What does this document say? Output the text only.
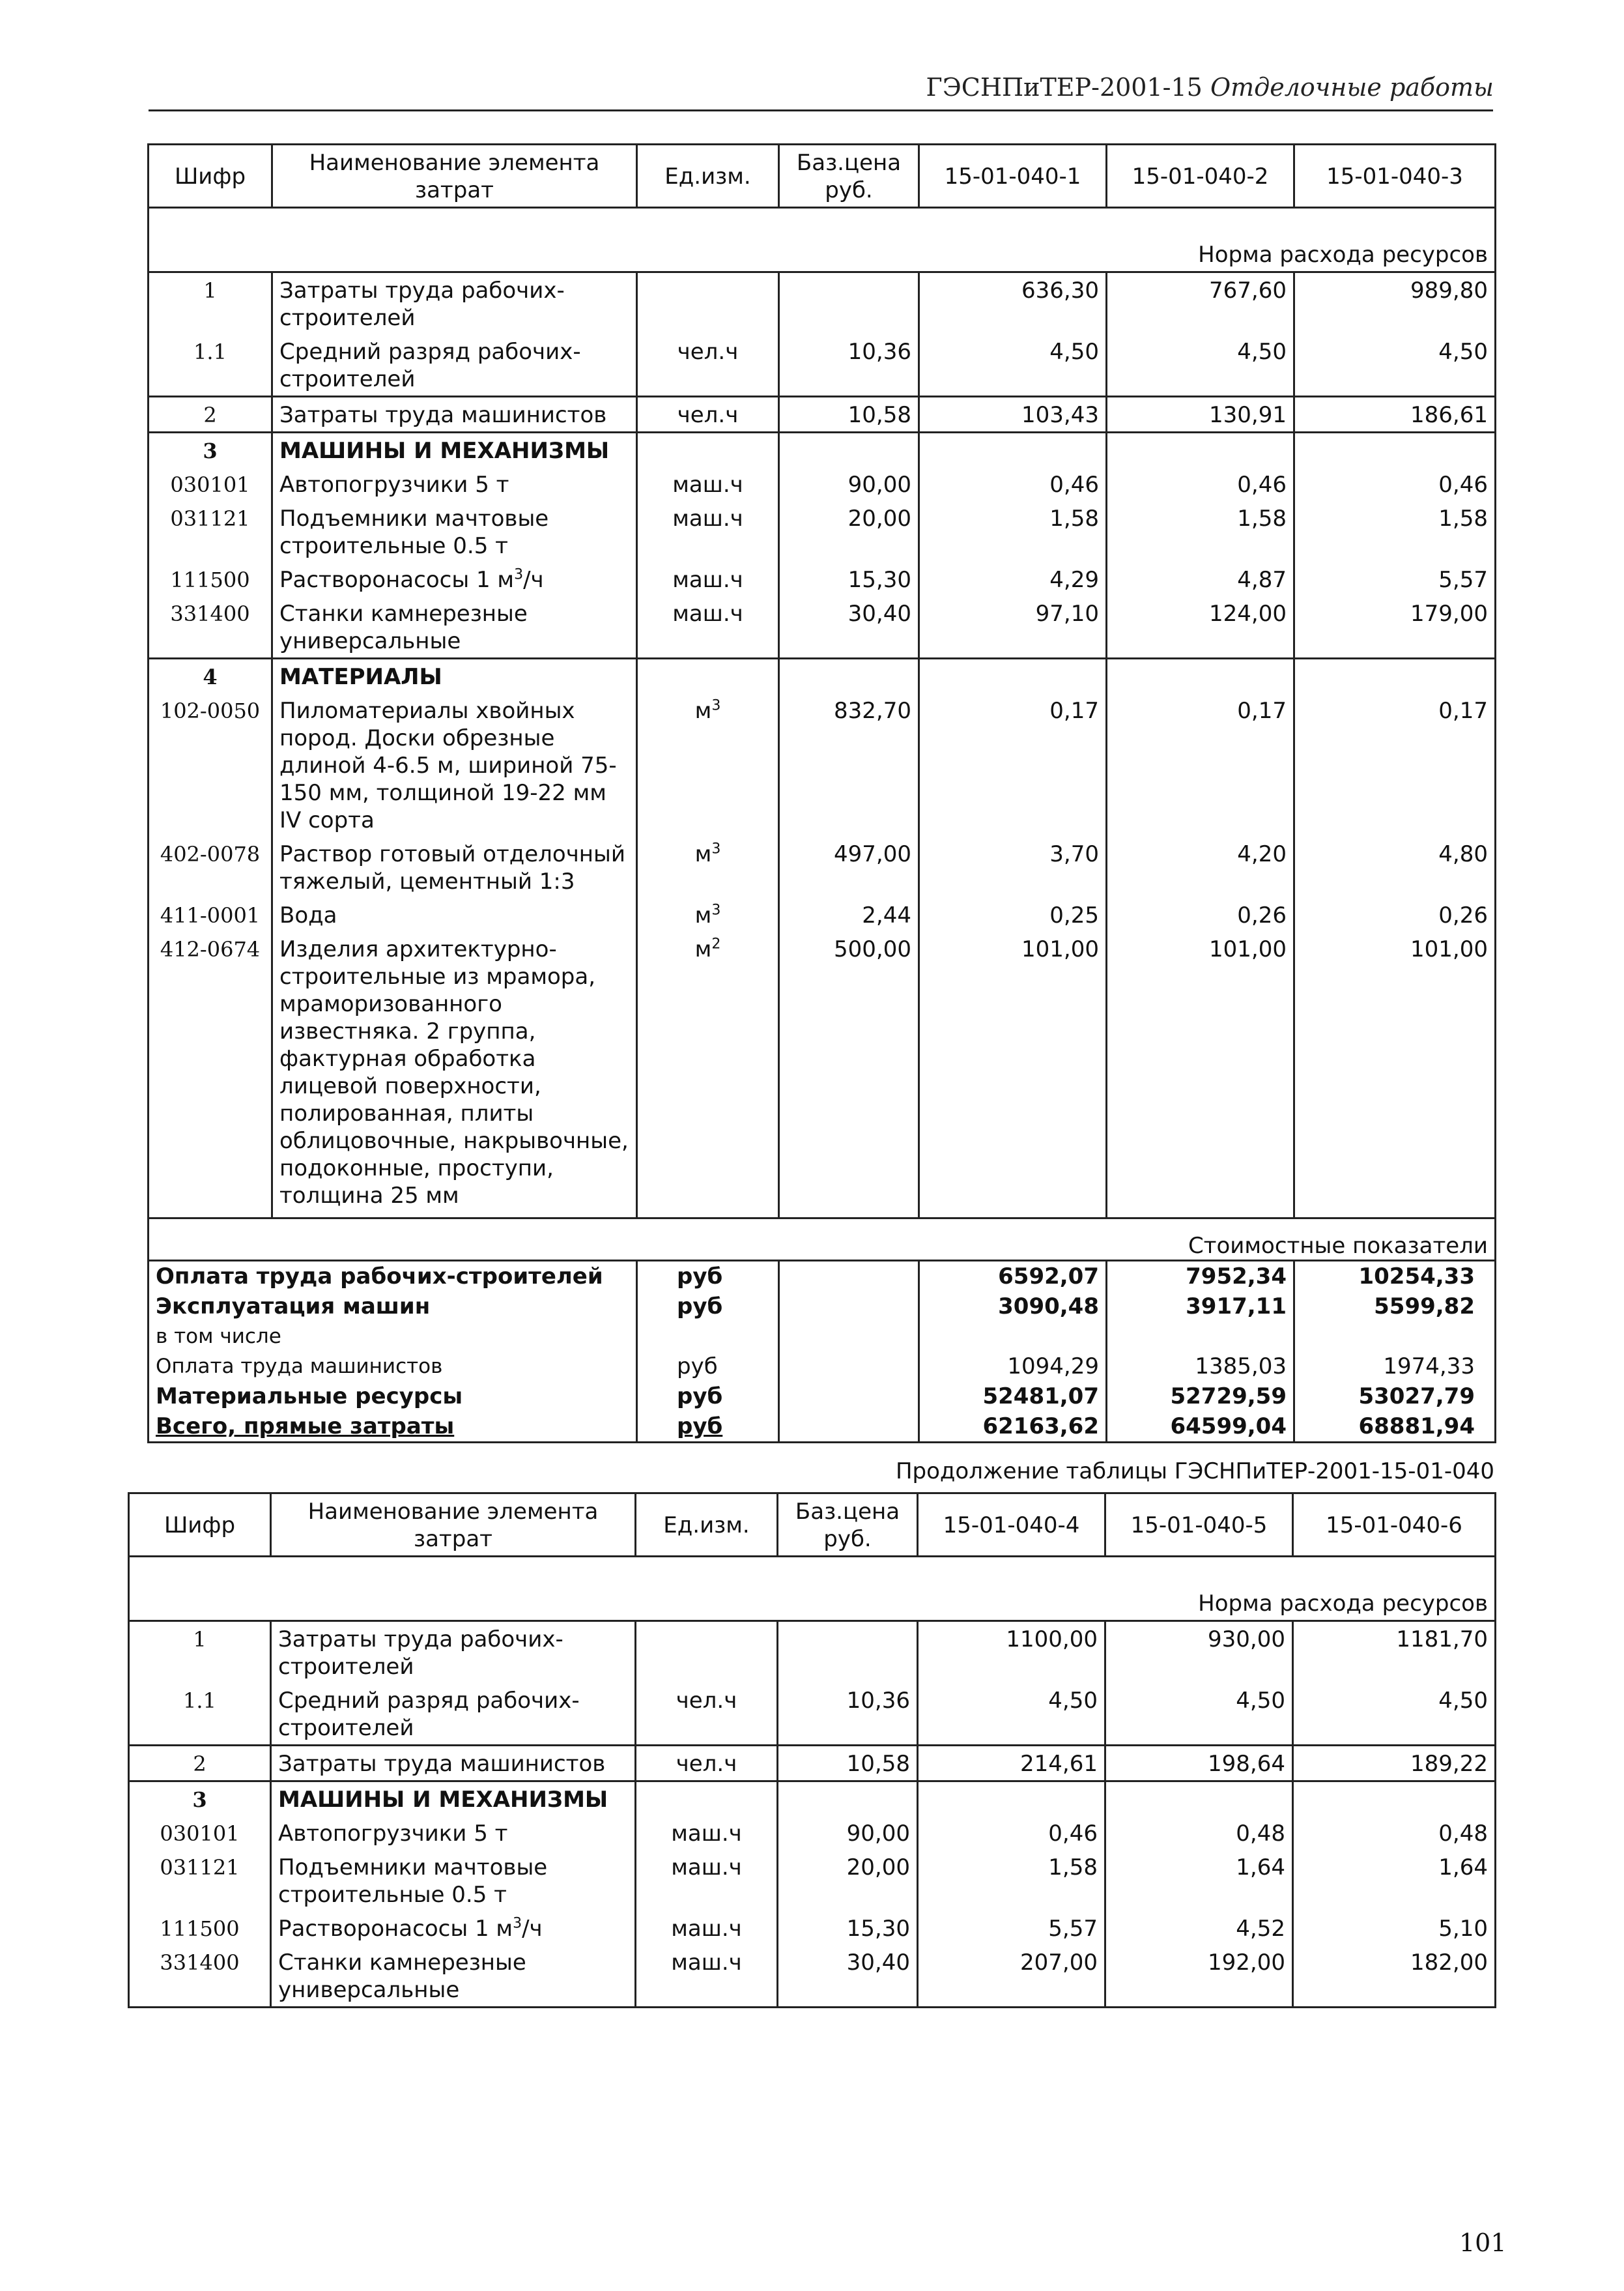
ГЭСНПиТЕР-2001-15 Отделочные работы
Шифр	Наименование элемента затрат	Ед.изм.	Баз.цена руб.	15-01-040-1	15-01-040-2	15-01-040-3
Норма расхода ресурсов						
1	Затраты труда рабочих-строителей			636,30	767,60	989,80
1.1	Средний разряд рабочих-строителей	чел.ч	10,36	4,50	4,50	4,50
2	Затраты труда машинистов	чел.ч	10,58	103,43	130,91	186,61
3	МАШИНЫ И МЕХАНИЗМЫ					
030101	Автопогрузчики 5 т	маш.ч	90,00	0,46	0,46	0,46
031121	Подъемники мачтовые строительные 0.5 т	маш.ч	20,00	1,58	1,58	1,58
111500	Растворонасосы 1 $м^3/ч$	маш.ч	15,30	4,29	4,87	5,57
331400	Станки камнерезные универсальные	маш.ч	30,40	97,10	124,00	179,00
4	МАТЕРИАЛЫ					
102-0050	Пиломатериалы хвойных пород. Доски обрезные длиной 4-6.5 м, шириной 75-150 мм, толщиной 19-22 мм IV сорта	$м^3$	832,70	0,17	0,17	0,17
402-0078	Раствор готовый отделочный тяжелый, цементный 1:3	$м^3$	497,00	3,70	4,20	4,80
411-0001	Вода	$м^3$	2,44	0,25	0,26	0,26
412-0674	Изделия архитектурно-строительные из мрамора, мраморизованного известняка. 2 группа, фактурная обработка лицевой поверхности, полированная, плиты облицовочные, накрывочные, подоконные, проступи, толщина 25 мм	$м^2$	500,00	101,00	101,00	101,00
Стоимостные показатели						
Оплата труда рабочих-строителей		руб		6592,07	7952,34	10254,33
Эксплуатация машин		руб		3090,48	3917,11	5599,82
в том числе						
Оплата труда машинистов		руб		1094,29	1385,03	1974,33
Материальные ресурсы		руб		52481,07	52729,59	53027,79
Всего, прямые затраты		руб		62163,62	64599,04	68881,94
Продолжение таблицы ГЭСНПиТЕР-2001-15-01-040
Шифр	Наименование элемента затрат	Ед.изм.	Баз.цена руб.	15-01-040-4	15-01-040-5	15-01-040-6
Норма расхода ресурсов						
1	Затраты труда рабочих-строителей			1100,00	930,00	1181,70
1.1	Средний разряд рабочих-строителей	чел.ч	10,36	4,50	4,50	4,50
2	Затраты труда машинистов	чел.ч	10,58	214,61	198,64	189,22
3	МАШИНЫ И МЕХАНИЗМЫ					
030101	Автопогрузчики 5 т	маш.ч	90,00	0,46	0,48	0,48
031121	Подъемники мачтовые строительные 0.5 т	маш.ч	20,00	1,58	1,64	1,64
111500	Растворонасосы 1 $м^3/ч$	маш.ч	15,30	5,57	4,52	5,10
331400	Станки камнерезные универсальные	маш.ч	30,40	207,00	192,00	182,00
101
